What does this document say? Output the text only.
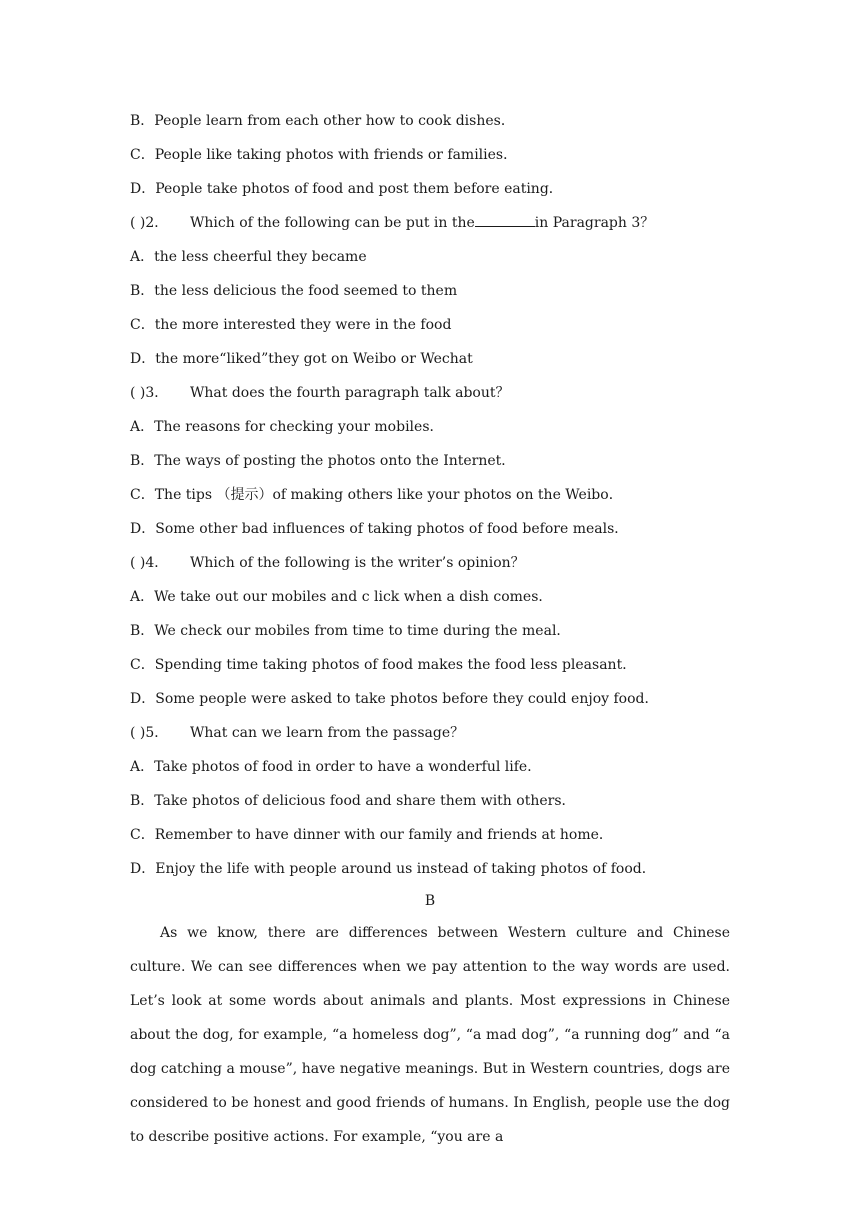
B．People learn from each other how to cook dishes．
C．People like taking photos with friends or families．
D．People take photos of food and post them before eating．
( )2． Which of the following can be put in the	in Paragraph 3？
A．the less cheerful they became
B．the less delicious the food seemed to them
C．the more interested they were in the food
D．the more“liked”they got on Weibo or Wechat
( )3． What does the fourth paragraph talk about？
A．The reasons for checking your mobiles．
B．The ways of posting the photos onto the Internet．
C．The tips （提示）of making others like your photos on the Weibo．
D．Some other bad influences of taking photos of food before meals．
( )4． Which of the following is the writer’s opinion？
A．We take out our mobiles and c lick when a dish comes．
B．We check our mobiles from time to time during the meal．
C．Spending time taking photos of food makes the food less pleasant．
D．Some people were asked to take photos before they could enjoy food．
( )5． What can we learn from the passage？
A．Take photos of food in order to have a wonderful life．
B．Take photos of delicious food and share them with others．
C．Remember to have dinner with our family and friends at home．
D．Enjoy the life with people around us instead of taking photos of food．
B
As we know, there are differences between Western culture and Chinese culture. We can see differences when we pay attention to the way words are used. Let’s look at some words about animals and plants. Most expressions in Chinese about the dog, for example, “a homeless dog”, “a mad dog”, “a running dog” and “a dog catching a mouse”, have negative meanings. But in Western countries, dogs are considered to be honest and good friends of humans. In English, people use the dog to describe positive actions. For example, “you are a
